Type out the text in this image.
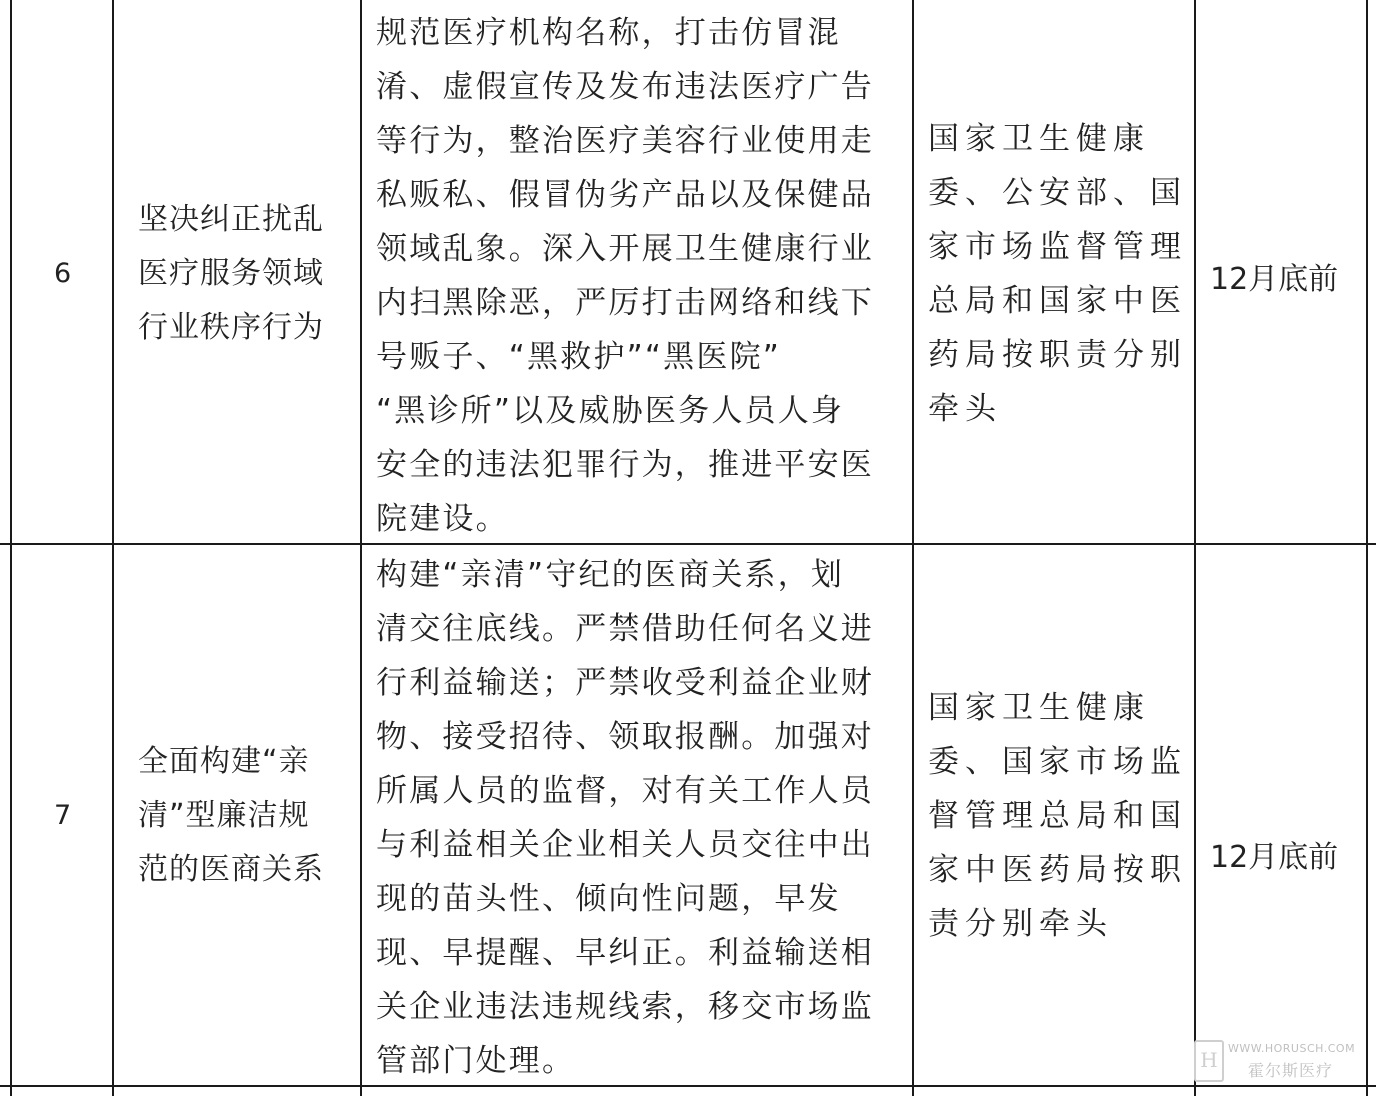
6
坚决纠正扰乱
医疗服务领域
行业秩序行为
规范医疗机构名称，打击仿冒混
淆、虚假宣传及发布违法医疗广告
等行为，整治医疗美容行业使用走
私贩私、假冒伪劣产品以及保健品
领域乱象。深入开展卫生健康行业
内扫黑除恶，严厉打击网络和线下
号贩子、“黑救护”“黑医院”
“黑诊所”以及威胁医务人员人身
安全的违法犯罪行为，推进平安医
院建设。
国家卫生健康
委、公安部、国
家市场监督管理
总局和国家中医
药局按职责分别
牵头
12月底前
7
全面构建“亲
清”型廉洁规
范的医商关系
构建“亲清”守纪的医商关系，划
清交往底线。严禁借助任何名义进
行利益输送；严禁收受利益企业财
物、接受招待、领取报酬。加强对
所属人员的监督，对有关工作人员
与利益相关企业相关人员交往中出
现的苗头性、倾向性问题，早发
现、早提醒、早纠正。利益输送相
关企业违法违规线索，移交市场监
管部门处理。
国家卫生健康
委、国家市场监
督管理总局和国
家中医药局按职
责分别牵头
12月底前
H WWW.HORUSCH.COM
霍尔斯医疗
